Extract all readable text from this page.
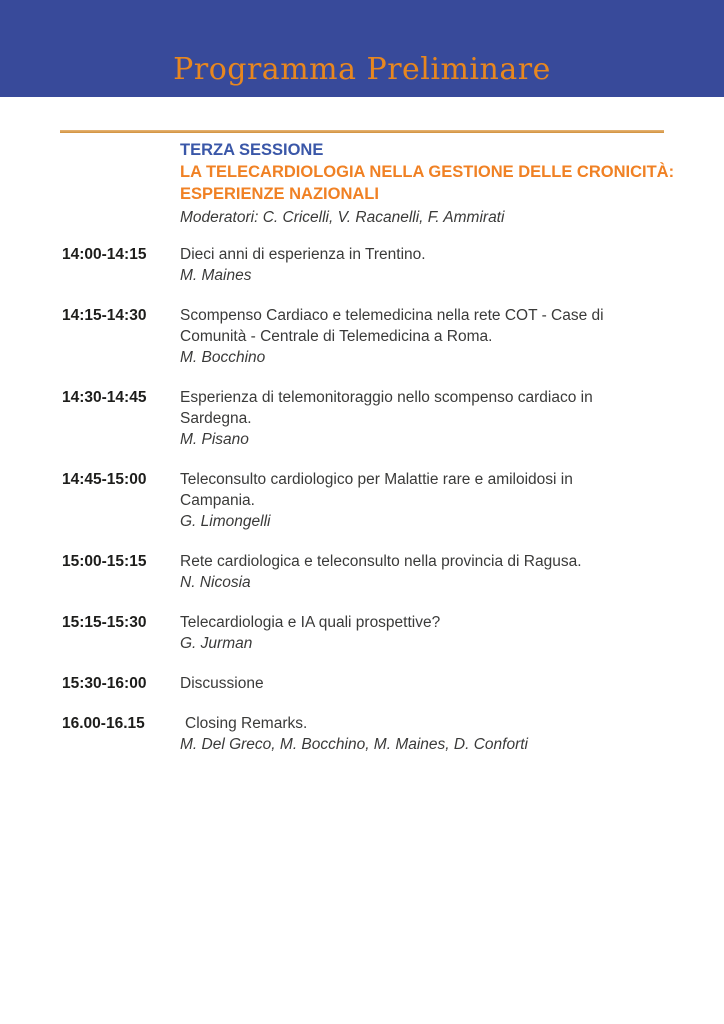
Programma Preliminare
TERZA SESSIONE
LA TELECARDIOLOGIA NELLA GESTIONE DELLE CRONICITÀ:
ESPERIENZE NAZIONALI
Moderatori: C. Cricelli, V. Racanelli, F. Ammirati
14:00-14:15	Dieci anni di esperienza in Trentino.
M. Maines
14:15-14:30	Scompenso Cardiaco e telemedicina nella rete COT - Case di Comunità - Centrale di Telemedicina a Roma.
M. Bocchino
14:30-14:45	Esperienza di telemonitoraggio nello scompenso cardiaco in Sardegna.
M. Pisano
14:45-15:00	Teleconsulto cardiologico per Malattie rare e amiloidosi in Campania.
G. Limongelli
15:00-15:15	Rete cardiologica e teleconsulto nella provincia di Ragusa.
N. Nicosia
15:15-15:30	Telecardiologia e IA quali prospettive?
G. Jurman
15:30-16:00	Discussione
16.00-16.15	Closing Remarks.
M. Del Greco, M. Bocchino, M. Maines, D. Conforti
